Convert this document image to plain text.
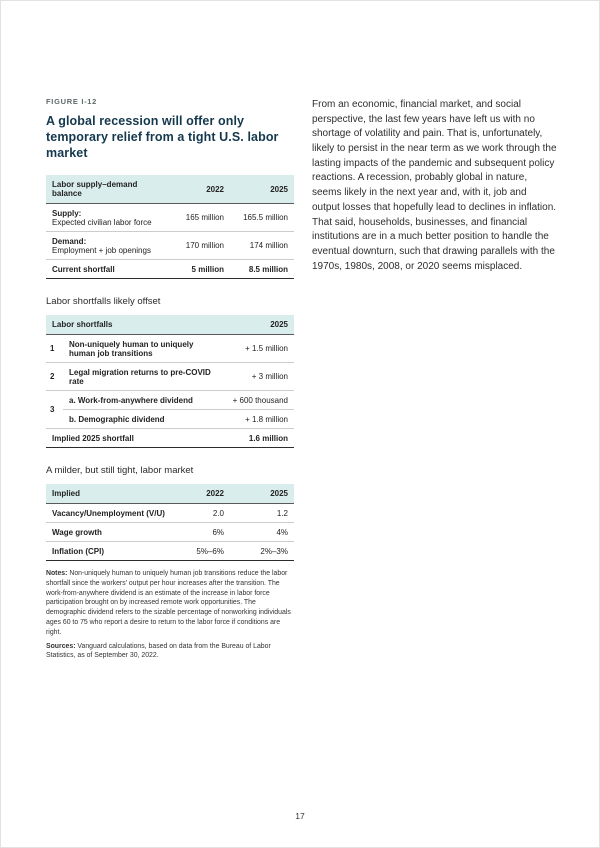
FIGURE I-12
A global recession will offer only temporary relief from a tight U.S. labor market
Labor supply–demand balance	2022	2025

Supply:
Expected civilian labor force	165 million	165.5 million

Demand:
Employment + job openings	170 million	174 million
Current shortfall	5 million	8.5 million
Labor shortfalls likely offset
Labor shortfalls		2025
1	Non-uniquely human to uniquely human job transitions	+ 1.5 million
2	Legal migration returns to pre-COVID rate	+ 3 million
3	a. Work-from-anywhere dividend	+ 600 thousand
	b. Demographic dividend	+ 1.8 million
Implied 2025 shortfall		1.6 million
A milder, but still tight, labor market
Implied	2022	2025
Vacancy/Unemployment (V/U)	2.0	1.2
Wage growth	6%	4%
Inflation (CPI)	5%–6%	2%–3%

Notes: Non-uniquely human to uniquely human job transitions reduce the labor shortfall since the workers’ output per hour increases after the transition. The work-from-anywhere dividend is an estimate of the increase in labor force participation brought on by increased remote work opportunities. The demographic dividend refers to the sizable percentage of nonworking individuals ages 60 to 75 who report a desire to return to the labor force if conditions are right.

Sources: Vanguard calculations, based on data from the Bureau of Labor Statistics, as of September 30, 2022.

From an economic, financial market, and social perspective, the last few years have left us with no shortage of volatility and pain. That is, unfortunately, likely to persist in the near term as we work through the lasting impacts of the pandemic and subsequent policy reactions. A recession, probably global in nature, seems likely in the next year and, with it, job and output losses that hopefully lead to declines in inflation. That said, households, businesses, and financial institutions are in a much better position to handle the eventual downturn, such that drawing parallels with the 1970s, 1980s, 2008, or 2020 seems misplaced.

17
